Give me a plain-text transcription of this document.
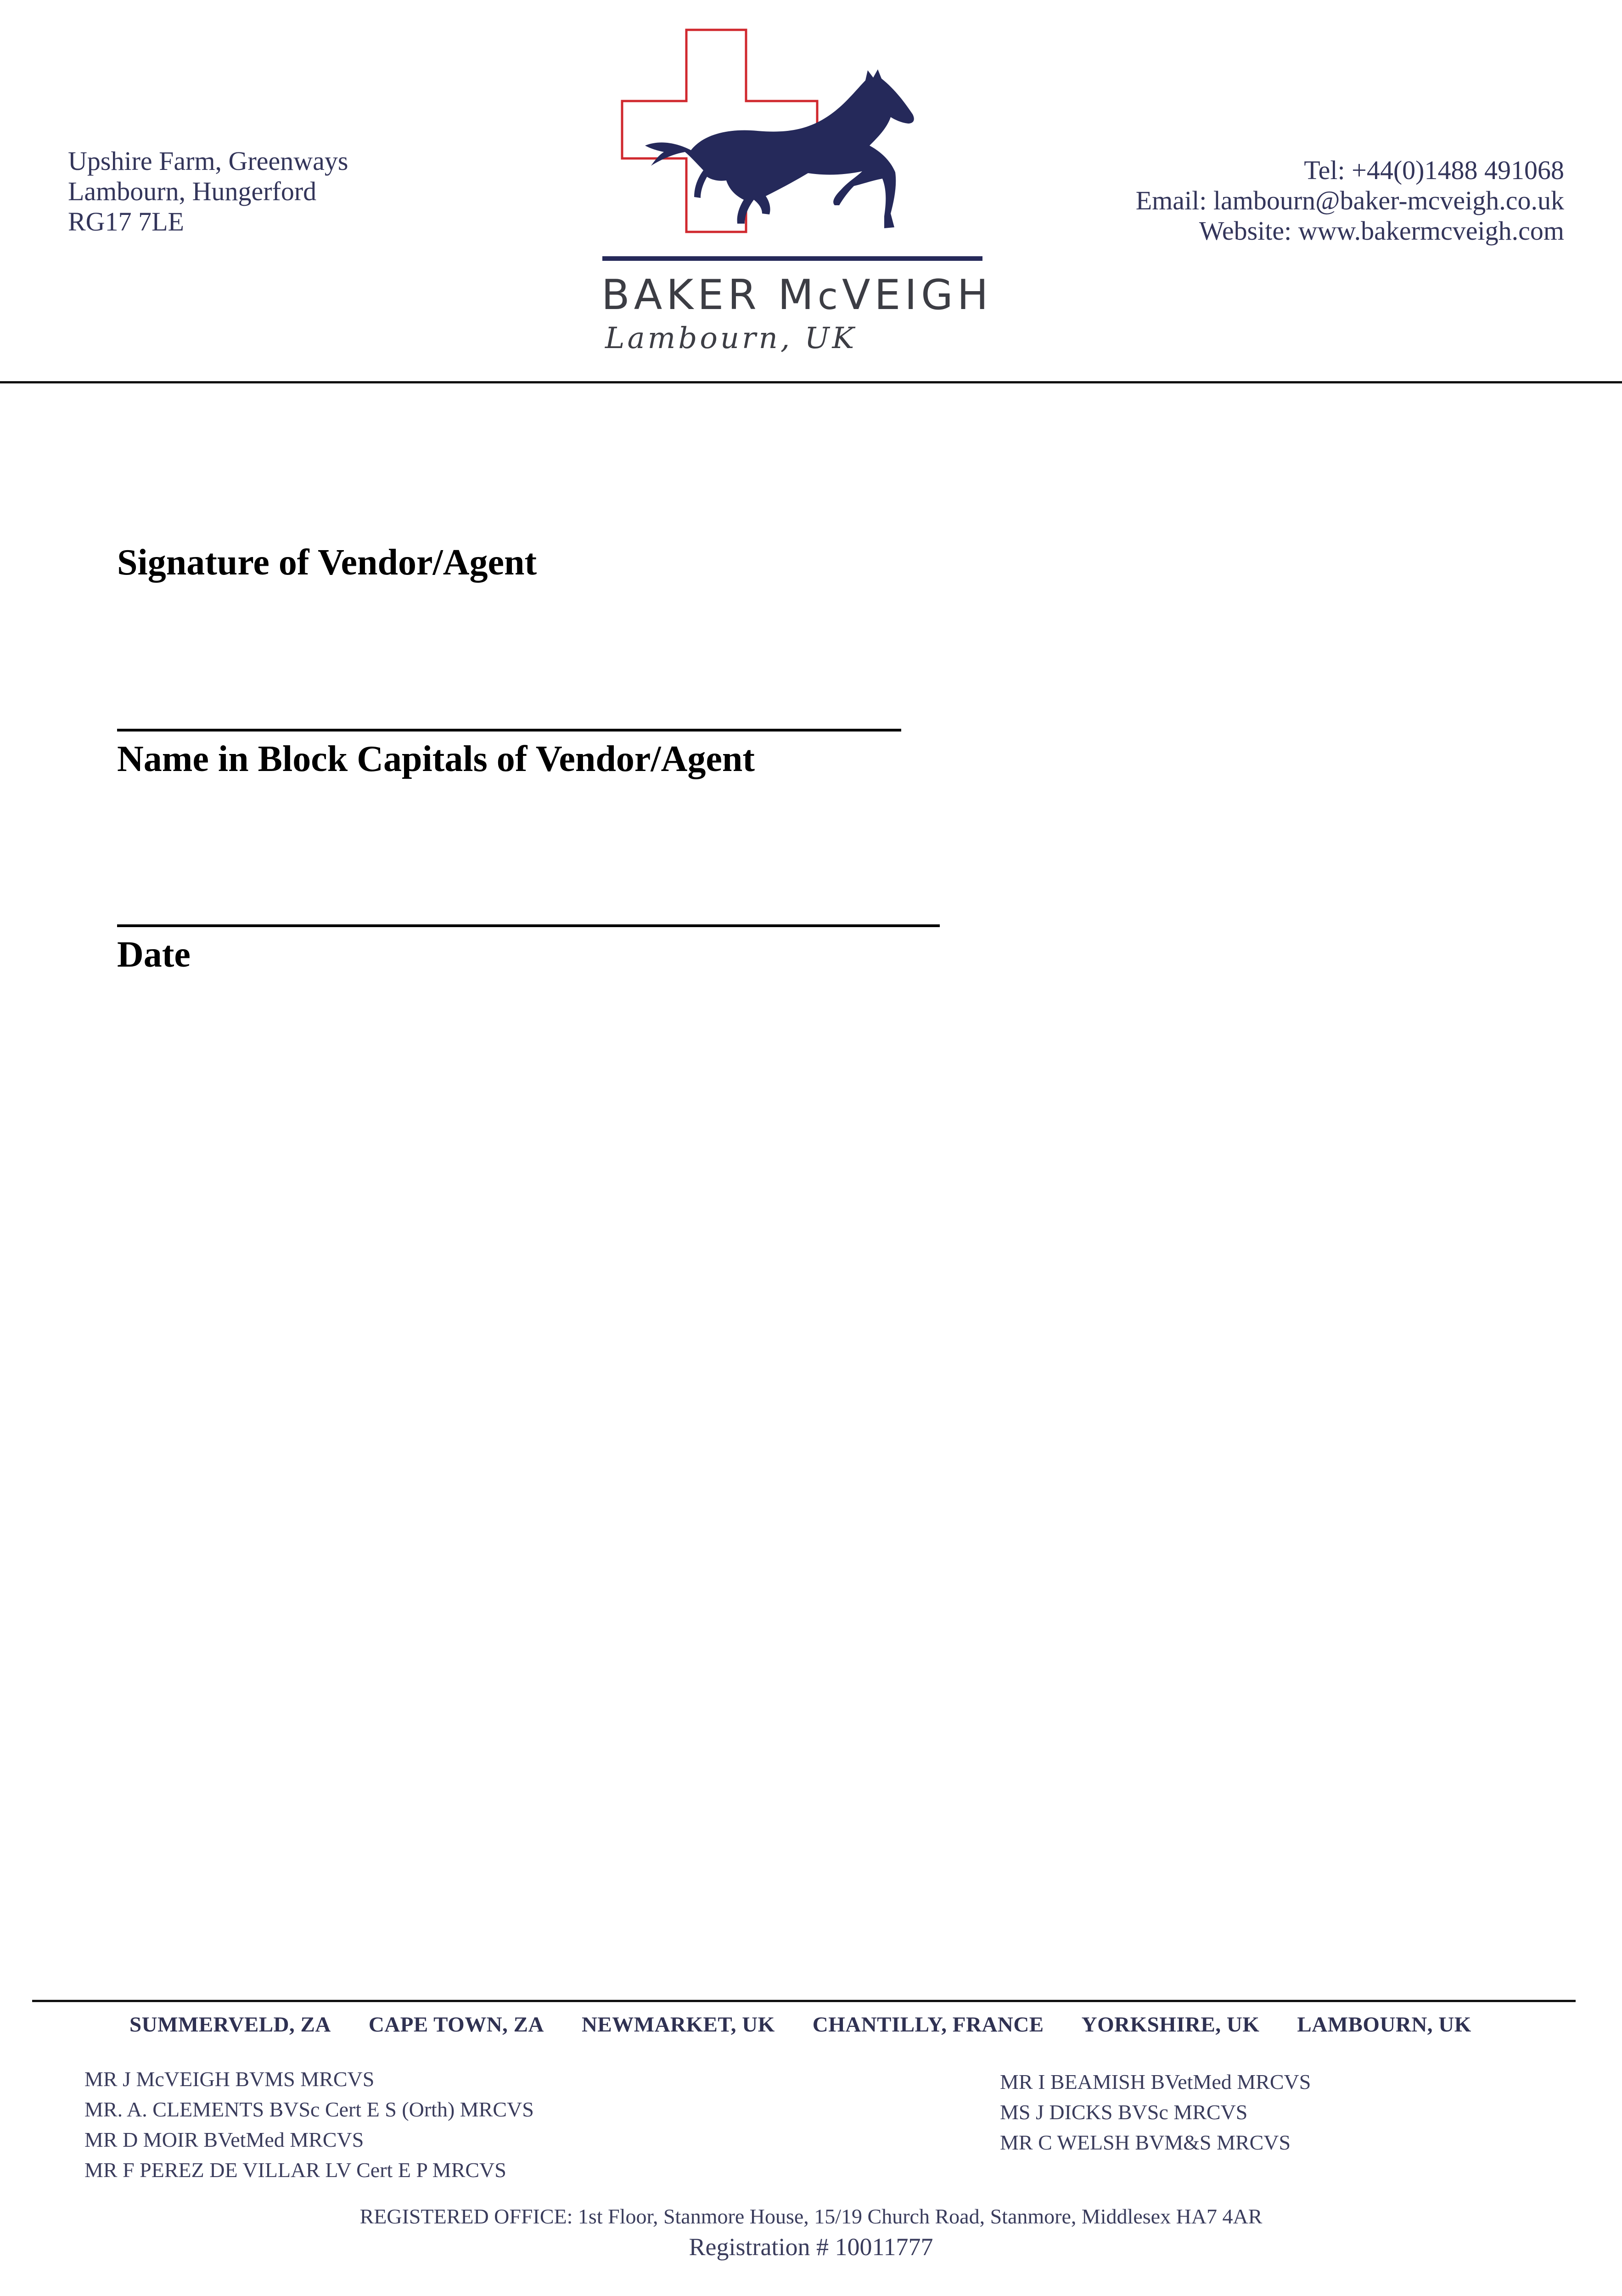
Upshire Farm, Greenways
Lambourn, Hungerford
RG17 7LE
BAKER McVEIGH
Lambourn, UK
Tel: +44(0)1488 491068
Email: lambourn@baker-mcveigh.co.uk
Website: www.bakermcveigh.com
Signature of Vendor/Agent
Name in Block Capitals of Vendor/Agent
Date
SUMMERVELD, ZA CAPE TOWN, ZA NEWMARKET, UK CHANTILLY, FRANCE YORKSHIRE, UK LAMBOURN, UK
MR J McVEIGH BVMS MRCVS
MR. A. CLEMENTS BVSc Cert E S (Orth) MRCVS
MR D MOIR BVetMed MRCVS
MR F PEREZ DE VILLAR LV Cert E P MRCVS
MR I BEAMISH BVetMed MRCVS
MS J DICKS BVSc MRCVS
MR C WELSH BVM&S MRCVS
REGISTERED OFFICE: 1st Floor, Stanmore House, 15/19 Church Road, Stanmore, Middlesex HA7 4AR
Registration # 10011777
